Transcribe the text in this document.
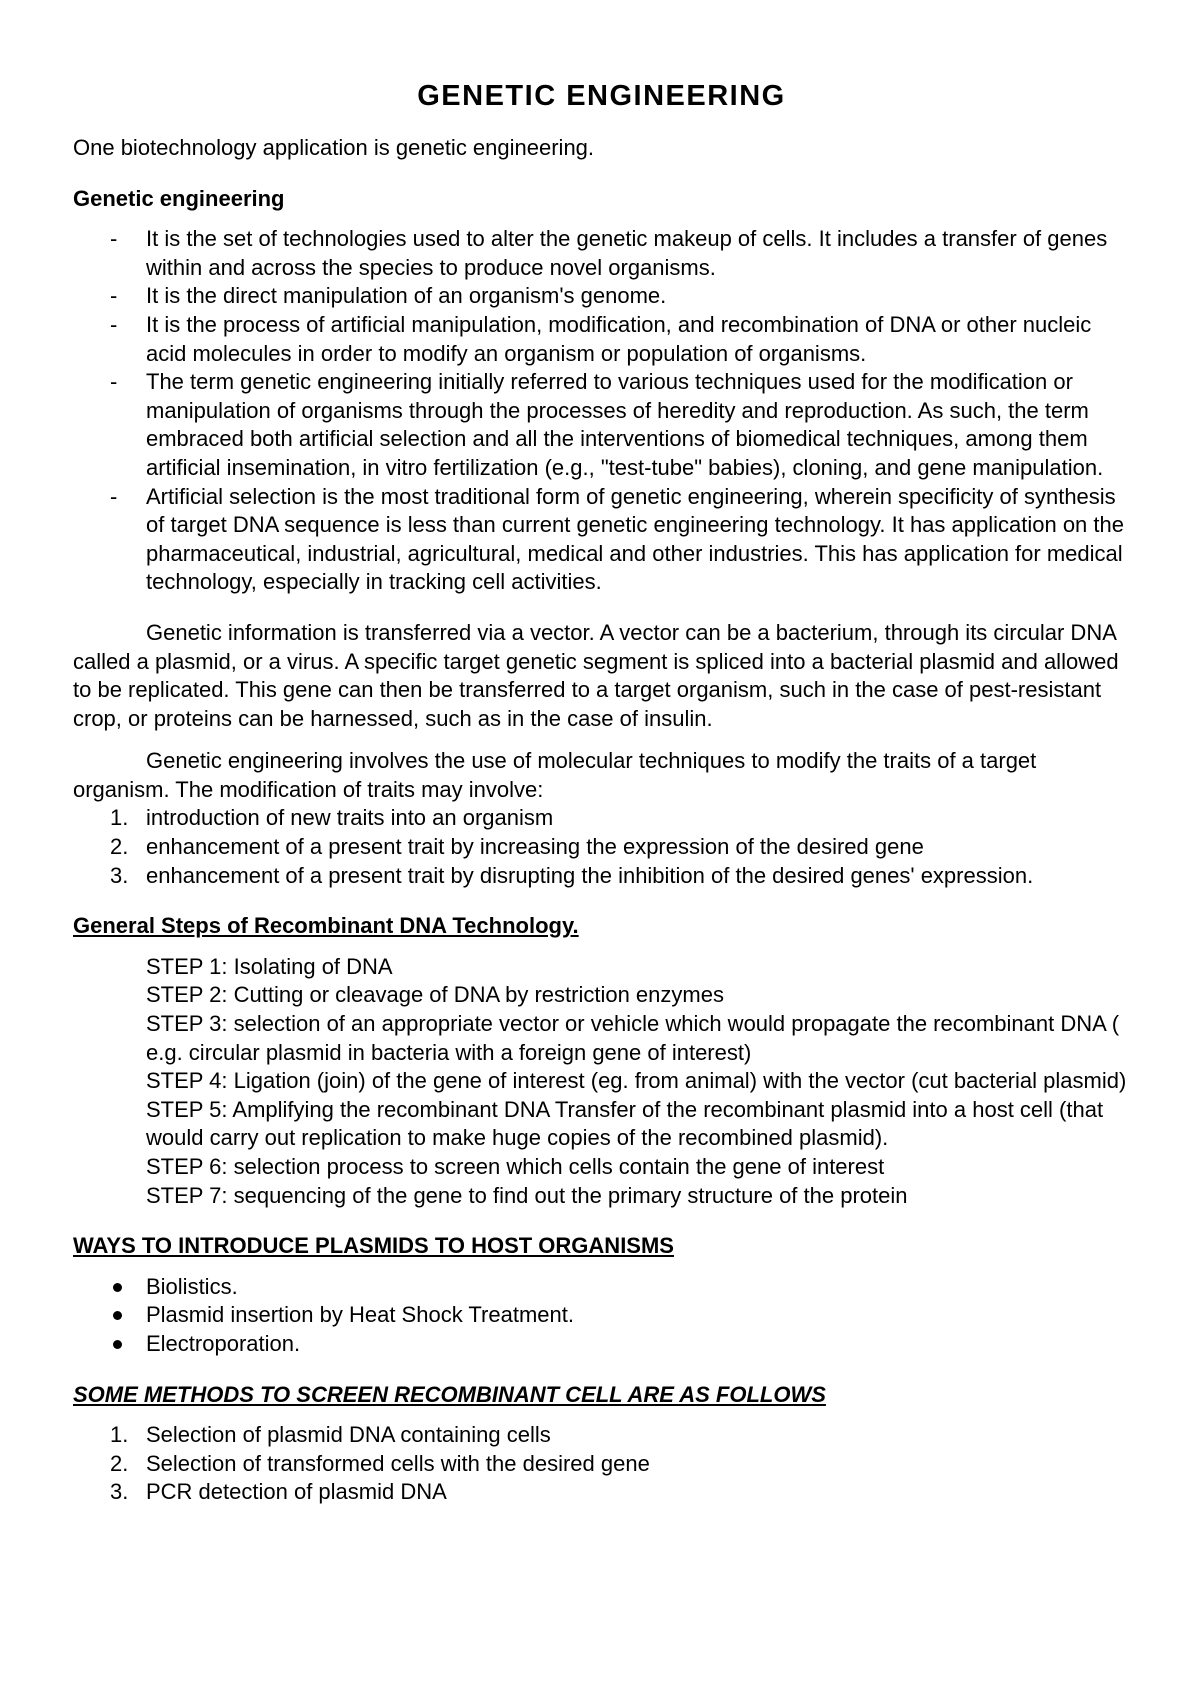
GENETIC ENGINEERING

One biotechnology application is genetic engineering.

Genetic engineering
- It is the set of technologies used to alter the genetic makeup of cells. It includes a transfer of genes within and across the species to produce novel organisms.
- It is the direct manipulation of an organism's genome.
- It is the process of artificial manipulation, modification, and recombination of DNA or other nucleic acid molecules in order to modify an organism or population of organisms.
- The term genetic engineering initially referred to various techniques used for the modification or manipulation of organisms through the processes of heredity and reproduction. As such, the term embraced both artificial selection and all the interventions of biomedical techniques, among them artificial insemination, in vitro fertilization (e.g., "test-tube" babies), cloning, and gene manipulation.
- Artificial selection is the most traditional form of genetic engineering, wherein specificity of synthesis of target DNA sequence is less than current genetic engineering technology. It has application on the pharmaceutical, industrial, agricultural, medical and other industries. This has application for medical technology, especially in tracking cell activities.

Genetic information is transferred via a vector. A vector can be a bacterium, through its circular DNA called a plasmid, or a virus. A specific target genetic segment is spliced into a bacterial plasmid and allowed to be replicated. This gene can then be transferred to a target organism, such in the case of pest-resistant crop, or proteins can be harnessed, such as in the case of insulin.

Genetic engineering involves the use of molecular techniques to modify the traits of a target organism. The modification of traits may involve:

1. introduction of new traits into an organism
2. enhancement of a present trait by increasing the expression of the desired gene
3. enhancement of a present trait by disrupting the inhibition of the desired genes' expression.
General Steps of Recombinant DNA Technology.
STEP 1: Isolating of DNA
STEP 2: Cutting or cleavage of DNA by restriction enzymes
STEP 3: selection of an appropriate vector or vehicle which would propagate the recombinant DNA ( e.g. circular plasmid in bacteria with a foreign gene of interest)
STEP 4: Ligation (join) of the gene of interest (eg. from animal) with the vector (cut bacterial plasmid)
STEP 5: Amplifying the recombinant DNA Transfer of the recombinant plasmid into a host cell (that would carry out replication to make huge copies of the recombined plasmid).
STEP 6: selection process to screen which cells contain the gene of interest
STEP 7: sequencing of the gene to find out the primary structure of the protein
WAYS TO INTRODUCE PLASMIDS TO HOST ORGANISMS
Biolistics.
Plasmid insertion by Heat Shock Treatment.
Electroporation.
SOME METHODS TO SCREEN RECOMBINANT CELL ARE AS FOLLOWS
1. Selection of plasmid DNA containing cells
2. Selection of transformed cells with the desired gene
3. PCR detection of plasmid DNA
